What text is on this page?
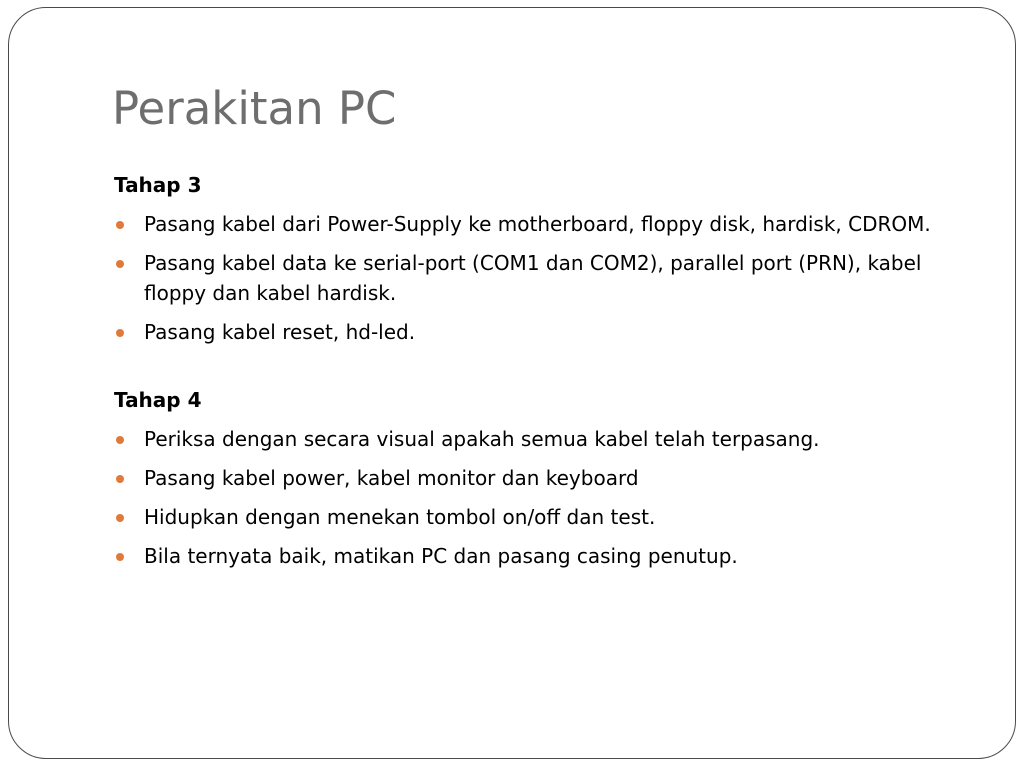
Perakitan PC

Tahap 3

Pasang kabel dari Power-Supply ke motherboard, floppy disk, hardisk, CDROM.
Pasang kabel data ke serial-port (COM1 dan COM2), parallel port (PRN), kabel floppy dan kabel hardisk.
Pasang kabel reset, hd-led.

Tahap 4

Periksa dengan secara visual apakah semua kabel telah terpasang.
Pasang kabel power, kabel monitor dan keyboard
Hidupkan dengan menekan tombol on/off dan test.
Bila ternyata baik, matikan PC dan pasang casing penutup.
